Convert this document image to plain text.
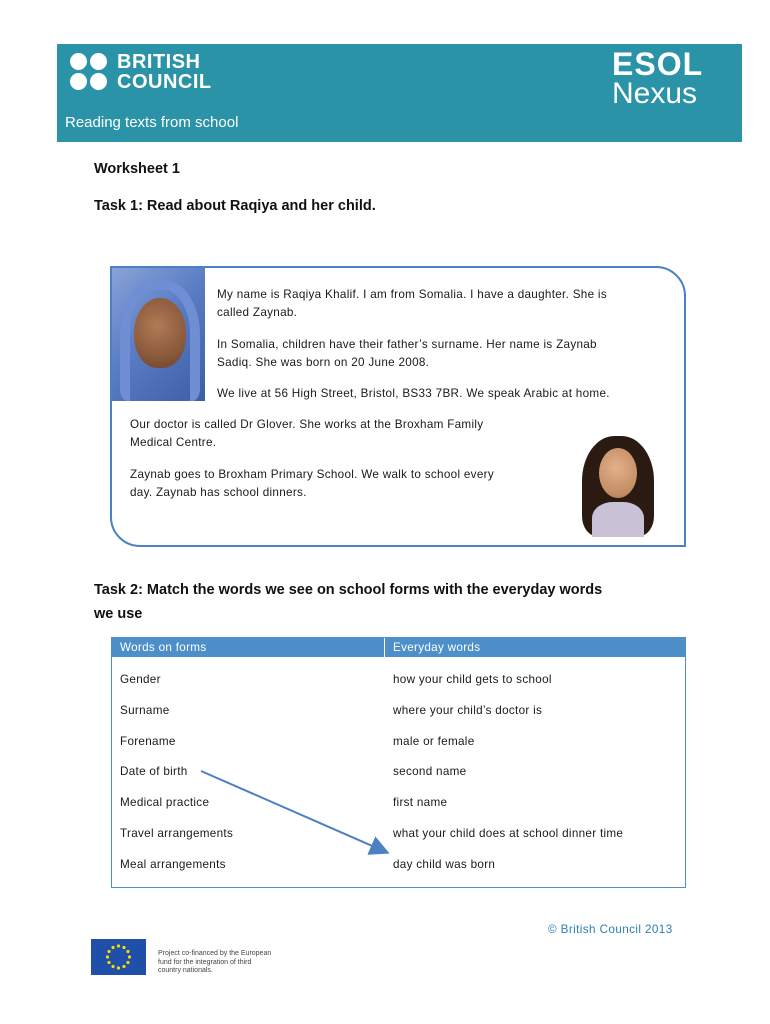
BRITISH
COUNCIL	ESOL
Nexus
Reading texts from school
Worksheet 1
Task 1: Read about Raqiya and her child.
My name is Raqiya Khalif. I am from Somalia. I have a daughter. She is
called Zaynab.
In Somalia, children have their father’s surname. Her name is Zaynab
Sadiq. She was born on 20 June 2008.
We live at 56 High Street, Bristol, BS33 7BR. We speak Arabic at home.
Our doctor is called Dr Glover. She works at the Broxham Family
Medical Centre.
Zaynab goes to Broxham Primary School. We walk to school every
day. Zaynab has school dinners.
Task 2: Match the words we see on school forms with the everyday words
we use
Words on forms	Everyday words
Gender	how your child gets to school
Surname	where your child’s doctor is
Forename	male or female
Date of birth	second name
Medical practice	first name
Travel arrangements	what your child does at school dinner time
Meal arrangements	day child was born
© British Council 2013
Project co-financed by the European
fund for the integration of third
country nationals.
